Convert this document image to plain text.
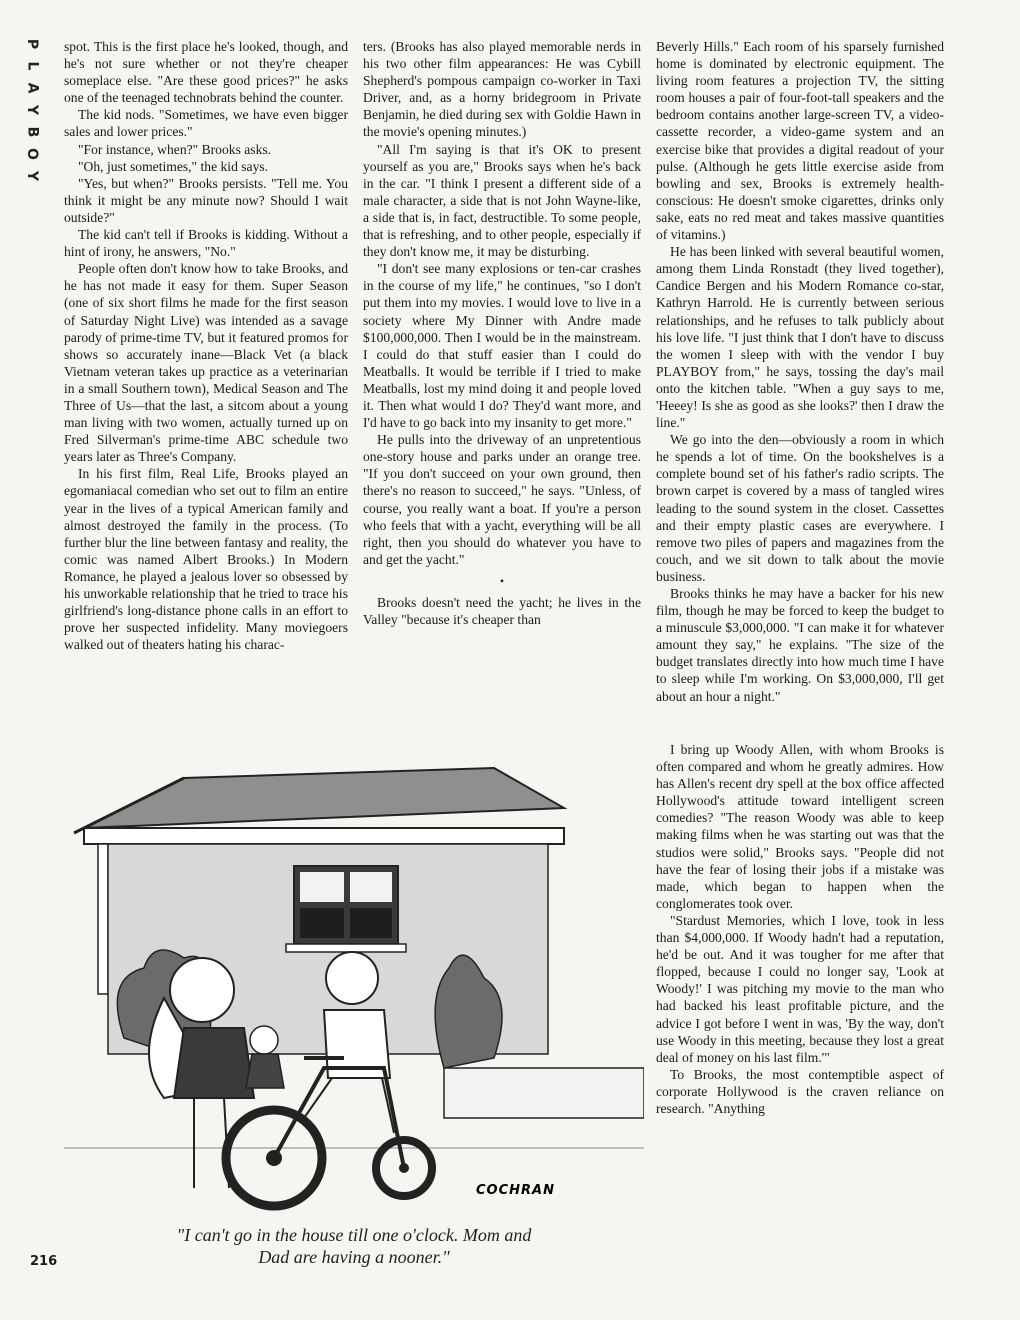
P
L
A
Y
B
O
Y

spot. This is the first place he's looked, though, and he's not sure whether or not they're cheaper someplace else. "Are these good prices?" he asks one of the teenaged technobrats behind the counter.

The kid nods. "Sometimes, we have even bigger sales and lower prices."

"For instance, when?" Brooks asks.

"Oh, just sometimes," the kid says.

"Yes, but when?" Brooks persists. "Tell me. You think it might be any minute now? Should I wait outside?"

The kid can't tell if Brooks is kidding. Without a hint of irony, he answers, "No."

People often don't know how to take Brooks, and he has not made it easy for them. Super Season (one of six short films he made for the first season of Saturday Night Live) was intended as a savage parody of prime-time TV, but it featured promos for shows so accurately inane—Black Vet (a black Vietnam veteran takes up practice as a veterinarian in a small Southern town), Medical Season and The Three of Us—that the last, a sitcom about a young man living with two women, actually turned up on Fred Silverman's prime-time ABC schedule two years later as Three's Company.

In his first film, Real Life, Brooks played an egomaniacal comedian who set out to film an entire year in the lives of a typical American family and almost destroyed the family in the process. (To further blur the line between fantasy and reality, the comic was named Albert Brooks.) In Modern Romance, he played a jealous lover so obsessed by his unworkable relationship that he tried to trace his girlfriend's long-distance phone calls in an effort to prove her suspected infidelity. Many moviegoers walked out of theaters hating his charac-

ters. (Brooks has also played memorable nerds in his two other film appearances: He was Cybill Shepherd's pompous campaign co-worker in Taxi Driver, and, as a horny bridegroom in Private Benjamin, he died during sex with Goldie Hawn in the movie's opening minutes.)

"All I'm saying is that it's OK to present yourself as you are," Brooks says when he's back in the car. "I think I present a different side of a male character, a side that is not John Wayne-like, a side that is, in fact, destructible. To some people, that is refreshing, and to other people, especially if they don't know me, it may be disturbing.

"I don't see many explosions or ten-car crashes in the course of my life," he continues, "so I don't put them into my movies. I would love to live in a society where My Dinner with Andre made $100,000,000. Then I would be in the mainstream. I could do that stuff easier than I could do Meatballs. It would be terrible if I tried to make Meatballs, lost my mind doing it and people loved it. Then what would I do? They'd want more, and I'd have to go back into my insanity to get more."

He pulls into the driveway of an unpretentious one-story house and parks under an orange tree. "If you don't succeed on your own ground, then there's no reason to succeed," he says. "Unless, of course, you really want a boat. If you're a person who feels that with a yacht, everything will be all right, then you should do whatever you have to and get the yacht."

•

Brooks doesn't need the yacht; he lives in the Valley "because it's cheaper than

Beverly Hills." Each room of his sparsely furnished home is dominated by electronic equipment. The living room features a projection TV, the sitting room houses a pair of four-foot-tall speakers and the bedroom contains another large-screen TV, a video-cassette recorder, a video-game system and an exercise bike that provides a digital readout of your pulse. (Although he gets little exercise aside from bowling and sex, Brooks is extremely health-conscious: He doesn't smoke cigarettes, drinks only sake, eats no red meat and takes massive quantities of vitamins.)

He has been linked with several beautiful women, among them Linda Ronstadt (they lived together), Candice Bergen and his Modern Romance co-star, Kathryn Harrold. He is currently between serious relationships, and he refuses to talk publicly about his love life. "I just think that I don't have to discuss the women I sleep with with the vendor I buy PLAYBOY from," he says, tossing the day's mail onto the kitchen table. "When a guy says to me, 'Heeey! Is she as good as she looks?' then I draw the line."

We go into the den—obviously a room in which he spends a lot of time. On the bookshelves is a complete bound set of his father's radio scripts. The brown carpet is covered by a mass of tangled wires leading to the sound system in the closet. Cassettes and their empty plastic cases are everywhere. I remove two piles of papers and magazines from the couch, and we sit down to talk about the movie business.

Brooks thinks he may have a backer for his new film, though he may be forced to keep the budget to a minuscule $3,000,000. "I can make it for whatever amount they say," he explains. "The size of the budget translates directly into how much time I have to sleep while I'm working. On $3,000,000, I'll get about an hour a night."

I bring up Woody Allen, with whom Brooks is often compared and whom he greatly admires. How has Allen's recent dry spell at the box office affected Hollywood's attitude toward intelligent screen comedies? "The reason Woody was able to keep making films when he was starting out was that the studios were solid," Brooks says. "People did not have the fear of losing their jobs if a mistake was made, which began to happen when the conglomerates took over.

"Stardust Memories, which I love, took in less than $4,000,000. If Woody hadn't had a reputation, he'd be out. And it was tougher for me after that flopped, because I could no longer say, 'Look at Woody!' I was pitching my movie to the man who had backed his least profitable picture, and the advice I got before I went in was, 'By the way, don't use Woody in this meeting, because they lost a great deal of money on his last film.'"

To Brooks, the most contemptible aspect of corporate Hollywood is the craven reliance on research. "Anything

COCHRAN
"I can't go in the house till one o'clock. Mom and
Dad are having a nooner."
216
